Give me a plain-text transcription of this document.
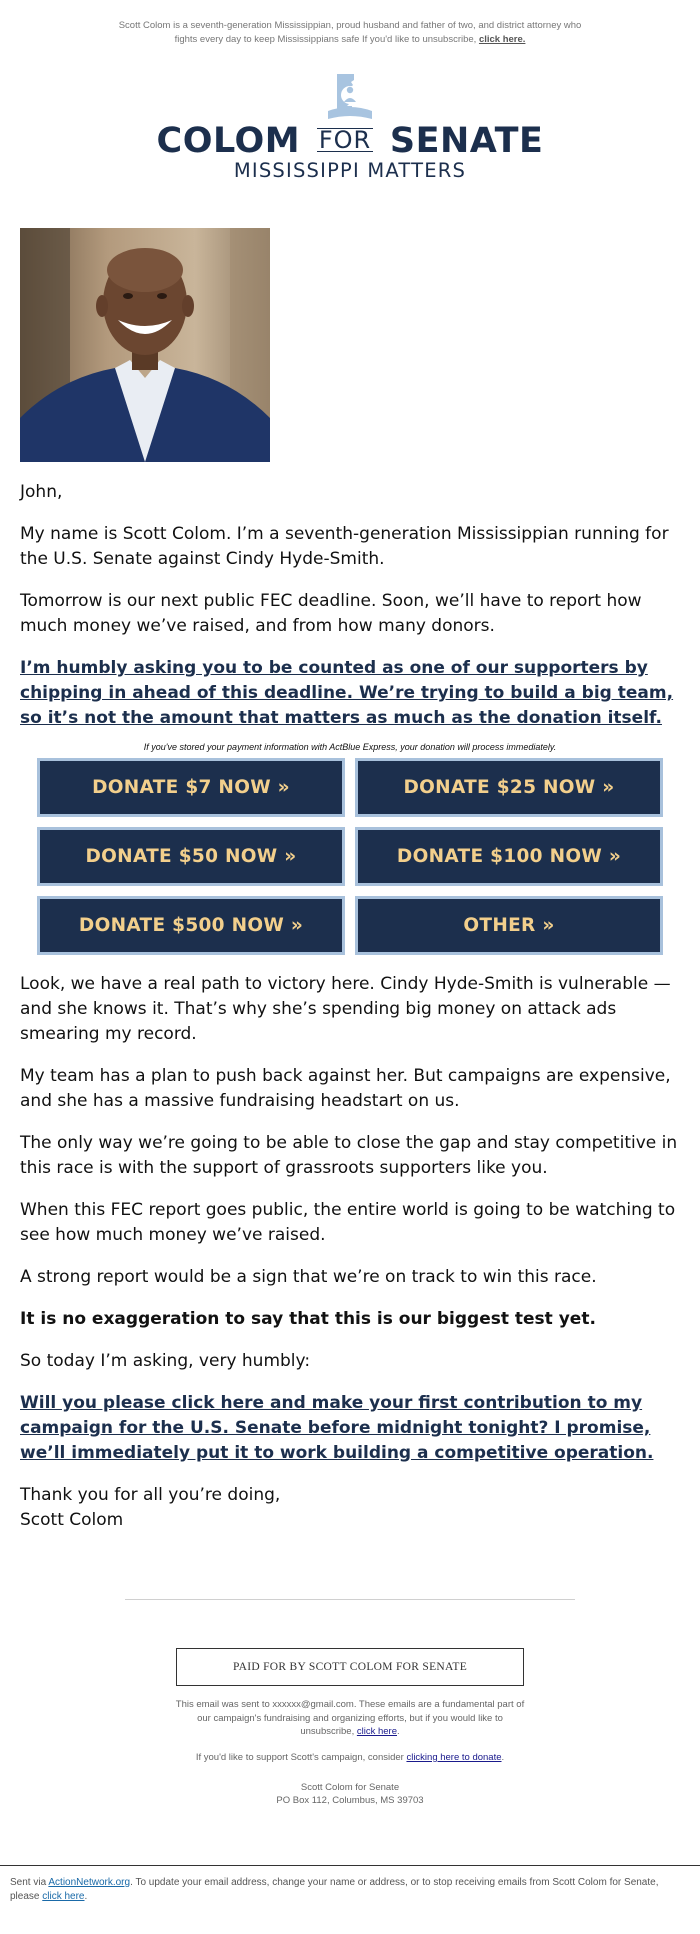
Scott Colom is a seventh-generation Mississippian, proud husband and father of two, and district attorney who fights every day to keep Mississippians safe If you'd like to unsubscribe, click here.
COLOM FOR SENATE
MISSISSIPPI MATTERS

John,

My name is Scott Colom. I’m a seventh-generation Mississippian running for the U.S. Senate against Cindy Hyde-Smith.

Tomorrow is our next public FEC deadline. Soon, we’ll have to report how much money we’ve raised, and from how many donors.

I’m humbly asking you to be counted as one of our supporters by chipping in ahead of this deadline. We’re trying to build a big team, so it’s not the amount that matters as much as the donation itself.

If you've stored your payment information with ActBlue Express, your donation will process immediately.
DONATE $7 NOW »	DONATE $25 NOW »
DONATE $50 NOW »	DONATE $100 NOW »
DONATE $500 NOW »	OTHER »

Look, we have a real path to victory here. Cindy Hyde-Smith is vulnerable — and she knows it. That’s why she’s spending big money on attack ads smearing my record.

My team has a plan to push back against her. But campaigns are expensive, and she has a massive fundraising headstart on us.

The only way we’re going to be able to close the gap and stay competitive in this race is with the support of grassroots supporters like you.

When this FEC report goes public, the entire world is going to be watching to see how much money we’ve raised.

A strong report would be a sign that we’re on track to win this race.

It is no exaggeration to say that this is our biggest test yet.

So today I’m asking, very humbly:

Will you please click here and make your first contribution to my campaign for the U.S. Senate before midnight tonight? I promise, we’ll immediately put it to work building a competitive operation.

Thank you for all you’re doing,
Scott Colom

PAID FOR BY SCOTT COLOM FOR SENATE
This email was sent to xxxxxx@gmail.com. These emails are a fundamental part of our campaign's fundraising and organizing efforts, but if you would like to unsubscribe, click here.
If you'd like to support Scott's campaign, consider clicking here to donate.
Scott Colom for Senate
PO Box 112, Columbus, MS 39703
Sent via ActionNetwork.org. To update your email address, change your name or address, or to stop receiving emails from Scott Colom for Senate, please click here.
